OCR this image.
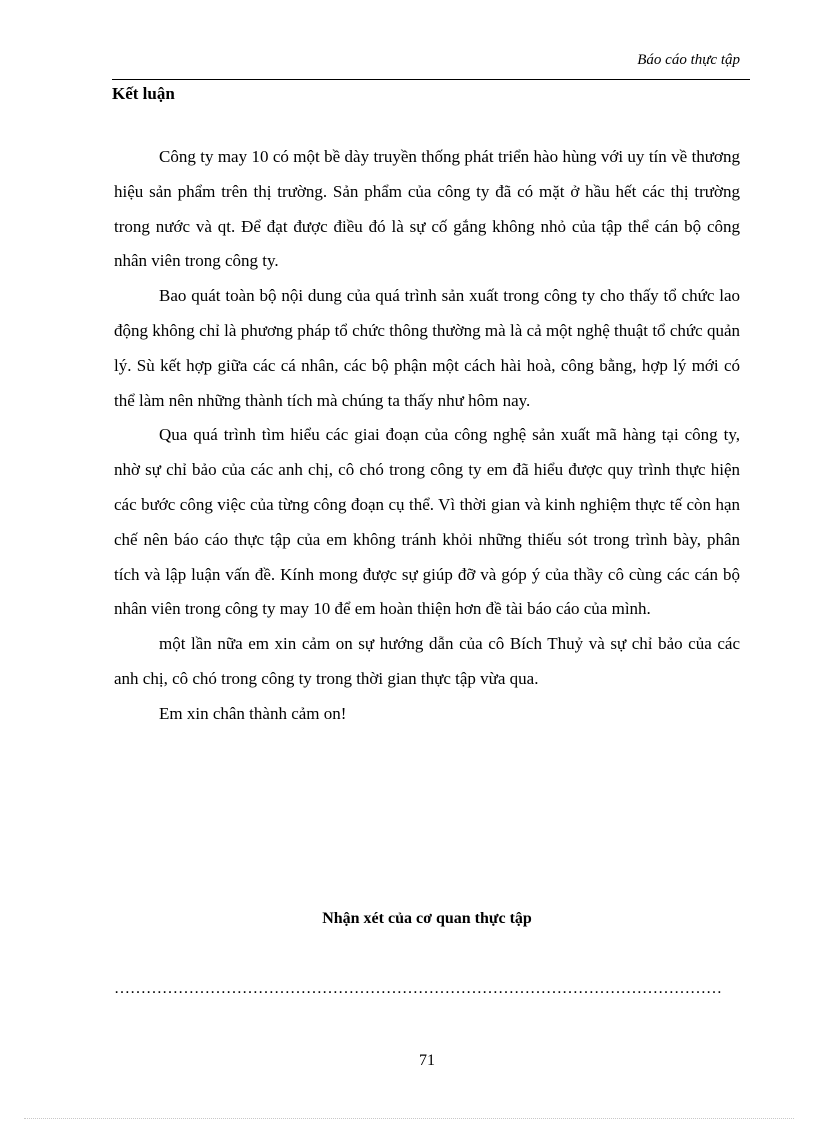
Báo cáo thực tập
Kết luận

Công ty may 10 có một bề dày truyền thống phát triển hào hùng với uy tín về thương hiệu sản phẩm trên thị trường. Sản phẩm của công ty đã có mặt ở hầu hết các thị trường trong nước và qt. Để đạt được điều đó là sự cố gắng không nhỏ của tập thể cán bộ công nhân viên trong công ty.

Bao quát toàn bộ nội dung của quá trình sản xuất trong công ty cho thấy tổ chức lao động không chỉ là phương pháp tổ chức thông thường mà là cả một nghệ thuật tổ chức quản lý. Sù kết hợp giữa các cá nhân, các bộ phận một cách hài hoà, công bằng, hợp lý mới có thể làm nên những thành tích mà chúng ta thấy như hôm nay.

Qua quá trình tìm hiểu các giai đoạn của công nghệ sản xuất mã hàng tại công ty, nhờ sự chỉ bảo của các anh chị, cô chó trong công ty em đã hiểu được quy trình thực hiện các bước công việc của từng công đoạn cụ thể. Vì thời gian và kinh nghiệm thực tế còn hạn chế nên báo cáo thực tập của em không tránh khỏi những thiếu sót trong trình bày, phân tích và lập luận vấn đề. Kính mong được sự giúp đỡ và góp ý của thầy cô cùng các cán bộ nhân viên trong công ty may 10 để em hoàn thiện hơn đề tài báo cáo của mình.

một lần nữa em xin cảm on sự hướng dẫn của cô Bích Thuỷ và sự chỉ bảo của các anh chị, cô chó trong công ty trong thời gian thực tập vừa qua.

Em xin chân thành cảm on!

Nhận xét của cơ quan thực tập
……………………………………………………………………………………………………
71
